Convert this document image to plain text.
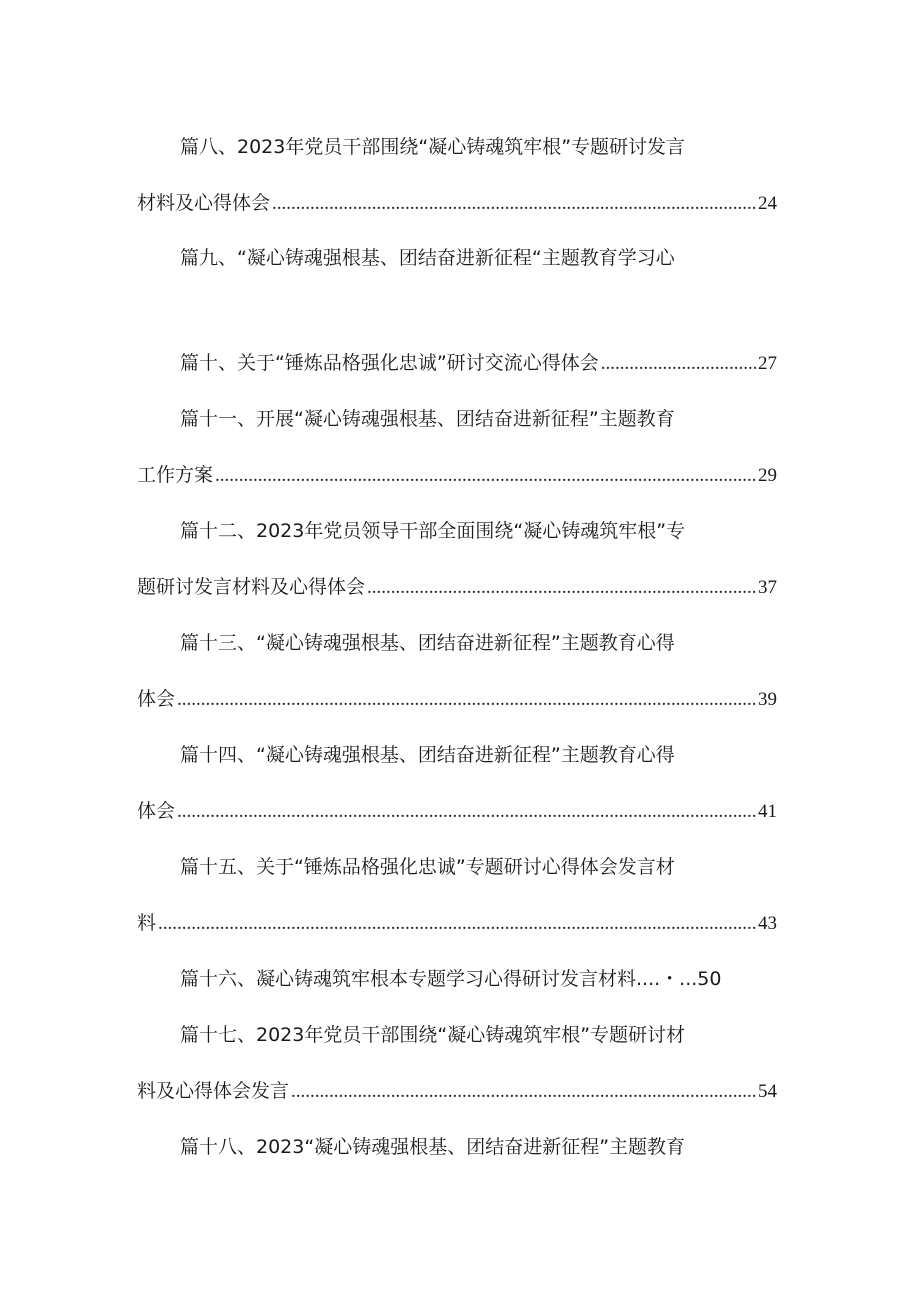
篇八、2023年党员干部围绕“凝心铸魂筑牢根”专题研讨发言
材料及心得体会 .....	24
篇九、“凝心铸魂强根基、团结奋进新征程“主题教育学习心
篇十、关于“锤炼品格强化忠诚”研讨交流心得体会 .....	27
篇十一、开展“凝心铸魂强根基、团结奋进新征程”主题教育
工作方案 .....	29
篇十二、2023年党员领导干部全面围绕“凝心铸魂筑牢根”专
题研讨发言材料及心得体会 .....	37
篇十三、“凝心铸魂强根基、团结奋进新征程”主题教育心得
体会 .....	39
篇十四、“凝心铸魂强根基、团结奋进新征程”主题教育心得
体会 .....	41
篇十五、关于“锤炼品格强化忠诚”专题研讨心得体会发言材
料 .....	43
篇十六、凝心铸魂筑牢根本专题学习心得研讨发言材料....・...50
篇十七、2023年党员干部围绕“凝心铸魂筑牢根”专题研讨材
料及心得体会发言 .....	54
篇十八、2023“凝心铸魂强根基、团结奋进新征程”主题教育
